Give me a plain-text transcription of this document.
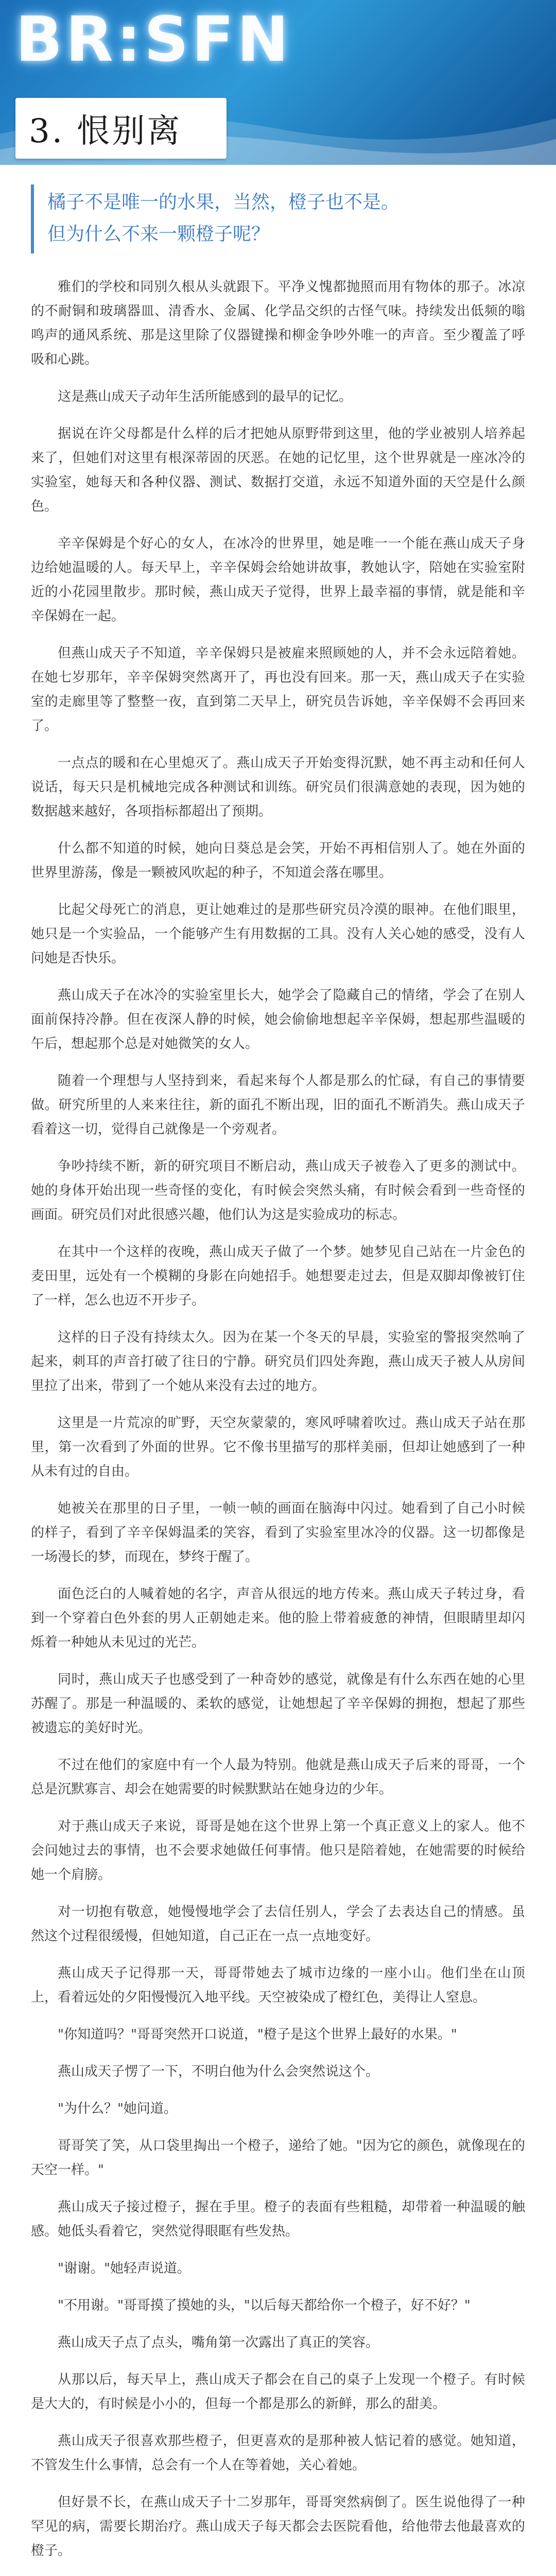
BR:SFN
3. 恨别离

橘子不是唯一的水果，当然，橙子也不是。

但为什么不来一颗橙子呢？

雅们的学校和同别久根从头就跟下。平净义愧都抛照而用有物体的那子。冰凉的不耐铜和玻璃器皿、清香水、金属、化学品交织的古怪气味。持续发出低频的嗡鸣声的通风系统、那是这里除了仪器键操和柳金争吵外唯一的声音。至少覆盖了呼吸和心跳。

这是燕山成天子动年生活所能感到的最早的记忆。

据说在许父母都是什么样的后才把她从原野带到这里，他的学业被别人培养起来了，但她们对这里有根深蒂固的厌恶。在她的记忆里，这个世界就是一座冰冷的实验室，她每天和各种仪器、测试、数据打交道，永远不知道外面的天空是什么颜色。

辛辛保姆是个好心的女人，在冰冷的世界里，她是唯一一个能在燕山成天子身边给她温暖的人。每天早上，辛辛保姆会给她讲故事，教她认字，陪她在实验室附近的小花园里散步。那时候，燕山成天子觉得，世界上最幸福的事情，就是能和辛辛保姆在一起。

但燕山成天子不知道，辛辛保姆只是被雇来照顾她的人，并不会永远陪着她。在她七岁那年，辛辛保姆突然离开了，再也没有回来。那一天，燕山成天子在实验室的走廊里等了整整一夜，直到第二天早上，研究员告诉她，辛辛保姆不会再回来了。

一点点的暖和在心里熄灭了。燕山成天子开始变得沉默，她不再主动和任何人说话，每天只是机械地完成各种测试和训练。研究员们很满意她的表现，因为她的数据越来越好，各项指标都超出了预期。

什么都不知道的时候，她向日葵总是会笑，开始不再相信别人了。她在外面的世界里游荡，像是一颗被风吹起的种子，不知道会落在哪里。

比起父母死亡的消息，更让她难过的是那些研究员冷漠的眼神。在他们眼里，她只是一个实验品，一个能够产生有用数据的工具。没有人关心她的感受，没有人问她是否快乐。

燕山成天子在冰冷的实验室里长大，她学会了隐藏自己的情绪，学会了在别人面前保持冷静。但在夜深人静的时候，她会偷偷地想起辛辛保姆，想起那些温暖的午后，想起那个总是对她微笑的女人。

随着一个理想与人坚持到来，看起来每个人都是那么的忙碌，有自己的事情要做。研究所里的人来来往往，新的面孔不断出现，旧的面孔不断消失。燕山成天子看着这一切，觉得自己就像是一个旁观者。

争吵持续不断，新的研究项目不断启动，燕山成天子被卷入了更多的测试中。她的身体开始出现一些奇怪的变化，有时候会突然头痛，有时候会看到一些奇怪的画面。研究员们对此很感兴趣，他们认为这是实验成功的标志。

在其中一个这样的夜晚，燕山成天子做了一个梦。她梦见自己站在一片金色的麦田里，远处有一个模糊的身影在向她招手。她想要走过去，但是双脚却像被钉住了一样，怎么也迈不开步子。

这样的日子没有持续太久。因为在某一个冬天的早晨，实验室的警报突然响了起来，刺耳的声音打破了往日的宁静。研究员们四处奔跑，燕山成天子被人从房间里拉了出来，带到了一个她从来没有去过的地方。

这里是一片荒凉的旷野，天空灰蒙蒙的，寒风呼啸着吹过。燕山成天子站在那里，第一次看到了外面的世界。它不像书里描写的那样美丽，但却让她感到了一种从未有过的自由。

她被关在那里的日子里，一帧一帧的画面在脑海中闪过。她看到了自己小时候的样子，看到了辛辛保姆温柔的笑容，看到了实验室里冰冷的仪器。这一切都像是一场漫长的梦，而现在，梦终于醒了。

面色泛白的人喊着她的名字，声音从很远的地方传来。燕山成天子转过身，看到一个穿着白色外套的男人正朝她走来。他的脸上带着疲惫的神情，但眼睛里却闪烁着一种她从未见过的光芒。

同时，燕山成天子也感受到了一种奇妙的感觉，就像是有什么东西在她的心里苏醒了。那是一种温暖的、柔软的感觉，让她想起了辛辛保姆的拥抱，想起了那些被遗忘的美好时光。

不过在他们的家庭中有一个人最为特别。他就是燕山成天子后来的哥哥，一个总是沉默寡言、却会在她需要的时候默默站在她身边的少年。

对于燕山成天子来说，哥哥是她在这个世界上第一个真正意义上的家人。他不会问她过去的事情，也不会要求她做任何事情。他只是陪着她，在她需要的时候给她一个肩膀。

对一切抱有敬意，她慢慢地学会了去信任别人，学会了去表达自己的情感。虽然这个过程很缓慢，但她知道，自己正在一点一点地变好。

燕山成天子记得那一天，哥哥带她去了城市边缘的一座小山。他们坐在山顶上，看着远处的夕阳慢慢沉入地平线。天空被染成了橙红色，美得让人窒息。

"你知道吗？"哥哥突然开口说道，"橙子是这个世界上最好的水果。"

燕山成天子愣了一下，不明白他为什么会突然说这个。

"为什么？"她问道。

哥哥笑了笑，从口袋里掏出一个橙子，递给了她。"因为它的颜色，就像现在的天空一样。"

燕山成天子接过橙子，握在手里。橙子的表面有些粗糙，却带着一种温暖的触感。她低头看着它，突然觉得眼眶有些发热。

"谢谢。"她轻声说道。

"不用谢。"哥哥摸了摸她的头，"以后每天都给你一个橙子，好不好？"

燕山成天子点了点头，嘴角第一次露出了真正的笑容。

从那以后，每天早上，燕山成天子都会在自己的桌子上发现一个橙子。有时候是大大的，有时候是小小的，但每一个都是那么的新鲜，那么的甜美。

燕山成天子很喜欢那些橙子，但更喜欢的是那种被人惦记着的感觉。她知道，不管发生什么事情，总会有一个人在等着她，关心着她。

但好景不长，在燕山成天子十二岁那年，哥哥突然病倒了。医生说他得了一种罕见的病，需要长期治疗。燕山成天子每天都会去医院看他，给他带去他最喜欢的橙子。
